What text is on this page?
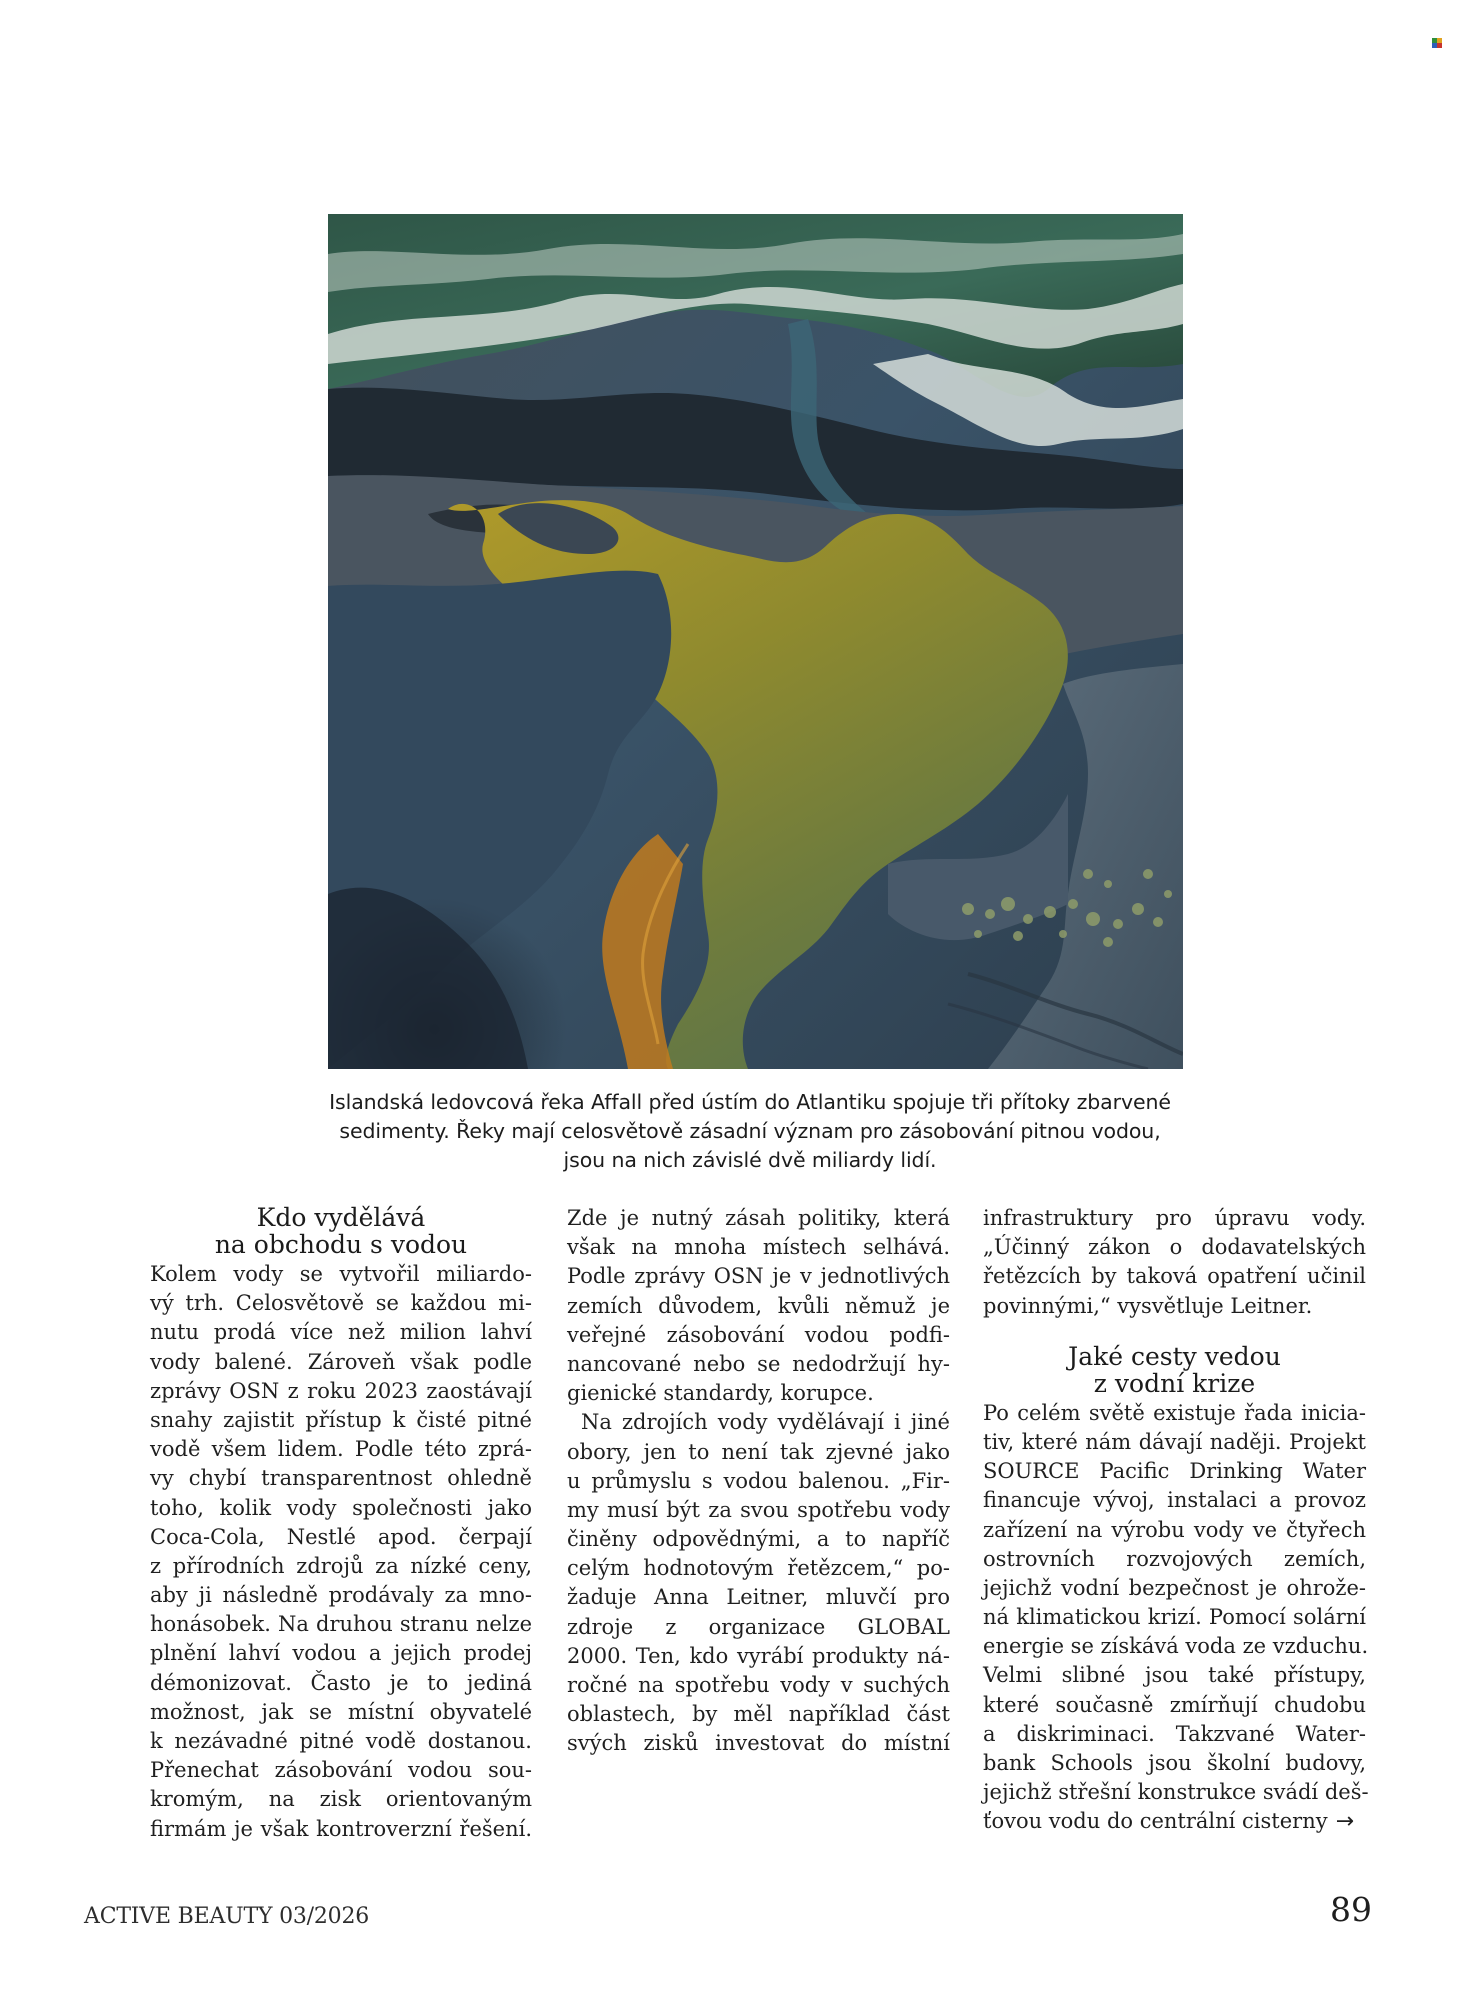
Islandská ledovcová řeka Affall před ústím do Atlantiku spojuje tři přítoky zbarvené
sedimenty. Řeky mají celosvětově zásadní význam pro zásobování pitnou vodou,
jsou na nich závislé dvě miliardy lidí.
Kdo vydělává
na obchodu s vodou
Kolem vody se vytvořil miliardo-
vý trh. Celosvětově se každou mi-
nutu prodá více než milion lahví
vody balené. Zároveň však podle
zprávy OSN z roku 2023 zaostávají
snahy zajistit přístup k čisté pitné
vodě všem lidem. Podle této zprá-
vy chybí transparentnost ohledně
toho, kolik vody společnosti jako
Coca-Cola, Nestlé apod. čerpají
z přírodních zdrojů za nízké ceny,
aby ji následně prodávaly za mno-
honásobek. Na druhou stranu nelze
plnění lahví vodou a jejich prodej
démonizovat. Často je to jediná
možnost, jak se místní obyvatelé
k nezávadné pitné vodě dostanou.
Přenechat zásobování vodou sou-
kromým, na zisk orientovaným
firmám je však kontroverzní řešení.
Zde je nutný zásah politiky, která
však na mnoha místech selhává.
Podle zprávy OSN je v jednotlivých
zemích důvodem, kvůli němuž je
veřejné zásobování vodou podfi-
nancované nebo se nedodržují hy-
gienické standardy, korupce.
Na zdrojích vody vydělávají i jiné
obory, jen to není tak zjevné jako
u průmyslu s vodou balenou. „Fir-
my musí být za svou spotřebu vody
činěny odpovědnými, a to napříč
celým hodnotovým řetězcem,“ po-
žaduje Anna Leitner, mluvčí pro
zdroje z organizace GLOBAL
2000. Ten, kdo vyrábí produkty ná-
ročné na spotřebu vody v suchých
oblastech, by měl například část
svých zisků investovat do místní
infrastruktury pro úpravu vody.
„Účinný zákon o dodavatelských
řetězcích by taková opatření učinil
povinnými,“ vysvětluje Leitner.
Jaké cesty vedou
z vodní krize
Po celém světě existuje řada inicia-
tiv, které nám dávají naději. Projekt
SOURCE Pacific Drinking Water
financuje vývoj, instalaci a provoz
zařízení na výrobu vody ve čtyřech
ostrovních rozvojových zemích,
jejichž vodní bezpečnost je ohrože-
ná klimatickou krizí. Pomocí solární
energie se získává voda ze vzduchu.
Velmi slibné jsou také přístupy,
které současně zmírňují chudobu
a diskriminaci. Takzvané Water-
bank Schools jsou školní budovy,
jejichž střešní konstrukce svádí deš-
ťovou vodu do centrální cisterny →
ACTIVE BEAUTY 03/2026	89
